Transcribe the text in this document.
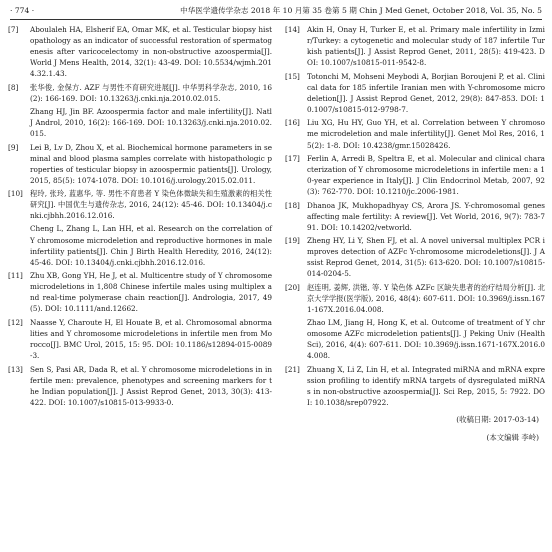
· 774 ·	中华医学遗传学杂志 2018 年 10 月第 35 卷第 5 期 Chin J Med Genet, October 2018, Vol. 35, No. 5
[7] Aboulaleh HA, Elsherif EA, Omar MK, et al. Testicular biopsy histopathology as an indicator of successful restoration of spermatogenesis after varicocelectomy in non-obstructive azoospermia[J]. World J Mens Health, 2014, 32(1): 43-49. DOI: 10.5534/wjmh.2014.32.1.43.
[8] 张华俊, 金保方. AZF 与男性不育研究进展[J]. 中华男科学杂志, 2010, 16(2): 166-169. DOI: 10.13263/j.cnki.nja.2010.02.015.
Zhang HJ, Jin BF. Azoospermia factor and male infertility[J]. Natl J Androl, 2010, 16(2): 166-169. DOI: 10.13263/j.cnki.nja.2010.02.015.
[9] Lei B, Lv D, Zhou X, et al. Biochemical hormone parameters in seminal and blood plasma samples correlate with histopathologic properties of testicular biopsy in azoospermic patients[J]. Urology, 2015, 85(5): 1074-1078. DOI: 10.1016/j.urology.2015.02.011.
[10] 程玲, 张玲, 蓝惠华, 等. 男性不育患者 Y 染色体微缺失和生殖激素的相关性研究[J]. 中国优生与遗传杂志, 2016, 24(12): 45-46. DOI: 10.13404/j.cnki.cjbhh.2016.12.016.
Cheng L, Zhang L, Lan HH, et al. Research on the correlation of Y chromosome microdeletion and reproductive hormones in male infertility patients[J]. Chin J Birth Health Heredity, 2016, 24(12): 45-46. DOI: 10.13404/j.cnki.cjbhh.2016.12.016.
[11] Zhu XB, Gong YH, He J, et al. Multicentre study of Y chromosome microdeletions in 1,808 Chinese infertile males using multiplex and real-time polymerase chain reaction[J]. Andrologia, 2017, 49(5). DOI: 10.1111/and.12662.
[12] Naasse Y, Charoute H, El Houate B, et al. Chromosomal abnormalities and Y chromosome microdeletions in infertile men from Morocco[J]. BMC Urol, 2015, 15: 95. DOI: 10.1186/s12894-015-0089-3.
[13] Sen S, Pasi AR, Dada R, et al. Y chromosome microdeletions in infertile men: prevalence, phenotypes and screening markers for the Indian population[J]. J Assist Reprod Genet, 2013, 30(3): 413-422. DOI: 10.1007/s10815-013-9933-0.
[14] Akin H, Onay H, Turker E, et al. Primary male infertility in Izmir/Turkey: a cytogenetic and molecular study of 187 infertile Turkish patients[J]. J Assist Reprod Genet, 2011, 28(5): 419-423. DOI: 10.1007/s10815-011-9542-8.
[15] Totonchi M, Mohseni Meybodi A, Borjian Boroujeni P, et al. Clinical data for 185 infertile Iranian men with Y-chromosome microdeletion[J]. J Assist Reprod Genet, 2012, 29(8): 847-853. DOI: 10.1007/s10815-012-9798-7.
[16] Liu XG, Hu HY, Guo YH, et al. Correlation between Y chromosome microdeletion and male infertility[J]. Genet Mol Res, 2016, 15(2): 1-8. DOI: 10.4238/gmr.15028426.
[17] Ferlin A, Arredi B, Speltra E, et al. Molecular and clinical characterization of Y chromosome microdeletions in infertile men: a 10-year experience in Italy[J]. J Clin Endocrinol Metab, 2007, 92(3): 762-770. DOI: 10.1210/jc.2006-1981.
[18] Dhanoa JK, Mukhopadhyay CS, Arora JS. Y-chromosomal genes affecting male fertility: A review[J]. Vet World, 2016, 9(7): 783-791. DOI: 10.14202/vetworld.
[19] Zheng HY, Li Y, Shen FJ, et al. A novel universal multiplex PCR improves detection of AZFc Y-chromosome microdeletions[J]. J Assist Reprod Genet, 2014, 31(5): 613-620. DOI: 10.1007/s10815-014-0204-5.
[20] 赵连明, 姜辉, 洪锴, 等. Y 染色体 AZFc 区缺失患者的治疗结局分析[J]. 北京大学学报(医学版), 2016, 48(4): 607-611. DOI: 10.3969/j.issn.1671-167X.2016.04.008.
Zhao LM, Jiang H, Hong K, et al. Outcome of treatment of Y chromosome AZFc microdeletion patients[J]. J Peking Univ (Health Sci), 2016, 4(4): 607-611. DOI: 10.3969/j.issn.1671-167X.2016.04.008.
[21] Zhuang X, Li Z, Lin H, et al. Integrated miRNA and mRNA expression profiling to identify mRNA targets of dysregulated miRNAs in non-obstructive azoospermia[J]. Sci Rep, 2015, 5: 7922. DOI: 10.1038/srep07922.
(收稿日期: 2017-03-14)
(本文编辑 李岭)
